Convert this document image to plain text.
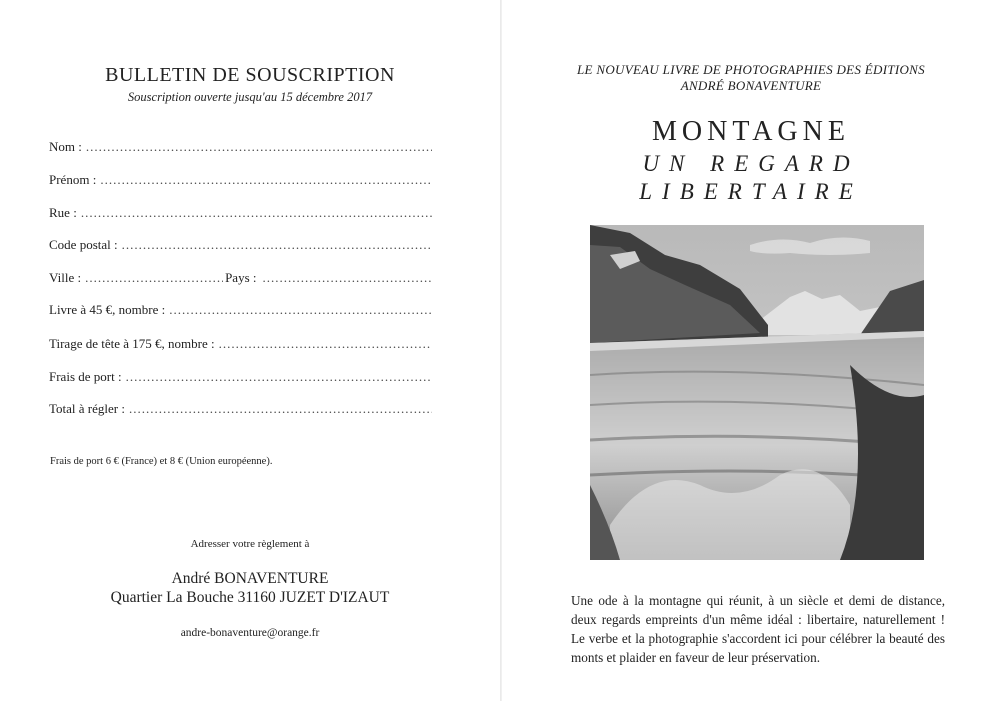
BULLETIN DE SOUSCRIPTION
Souscription ouverte jusqu'au 15 décembre 2017
Nom :
.....
Prénom :
.....
Rue :
.....
Code postal :
.....
Ville :
.....	Pays :
.....
Livre à 45 €, nombre :
.....
Tirage de tête à 175 €, nombre :
.....
Frais de port :
.....
Total à régler :
.....
Frais de port 6 € (France) et 8 € (Union européenne).
Adresser votre règlement à
André BONAVENTURE
Quartier La Bouche 31160 JUZET D'IZAUT
andre-bonaventure@orange.fr
LE NOUVEAU LIVRE DE PHOTOGRAPHIES DES ÉDITIONS
ANDRÉ BONAVENTURE
MONTAGNE
UN REGARD
LIBERTAIRE
Une ode à la montagne qui réunit, à un siècle et demi de distance, deux regards empreints d'un même idéal : libertaire, naturellement ! Le verbe et la photographie s'accordent ici pour célébrer la beauté des monts et plaider en faveur de leur préservation.
